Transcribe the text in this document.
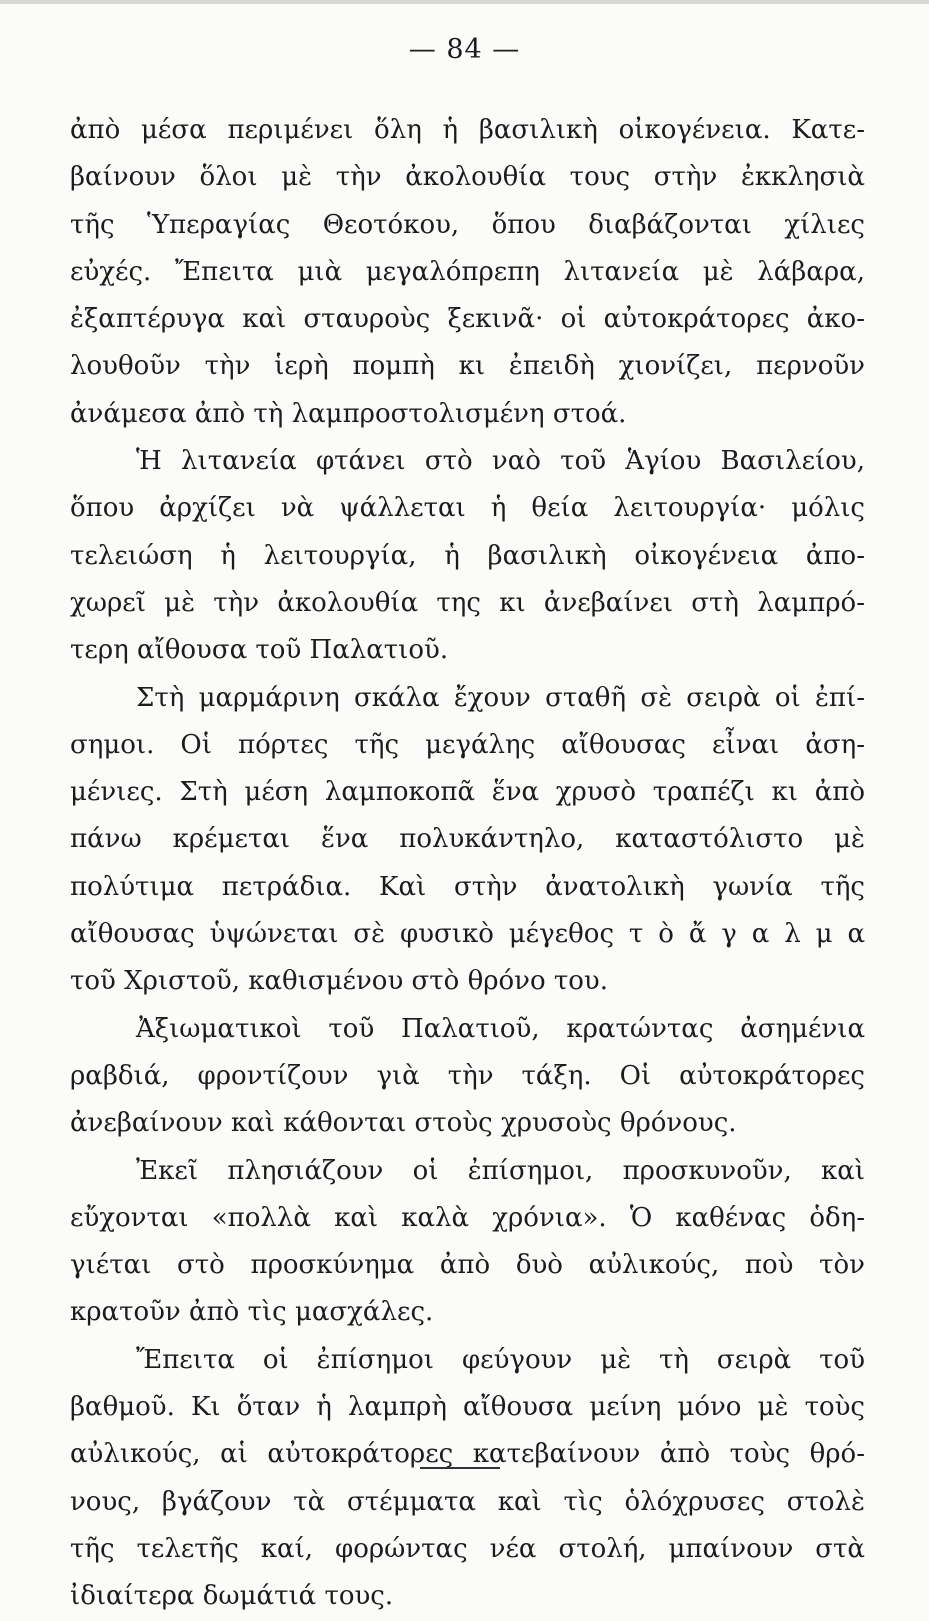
— 84 —
ἀπὸ μέσα περιμένει ὅλη ἡ βασιλικὴ οἰκογένεια. Κατε-
βαίνουν ὅλοι μὲ τὴν ἀκολουθία τους στὴν ἐκκλησιὰ
τῆς Ὑπεραγίας Θεοτόκου, ὅπου διαβάζονται χίλιες
εὐχές. Ἔπειτα μιὰ μεγαλόπρεπη λιτανεία μὲ λάβαρα,
ἐξαπτέρυγα καὶ σταυροὺς ξεκινᾶ· οἱ αὐτοκράτορες ἀκο-
λουθοῦν τὴν ἱερὴ πομπὴ κι ἐπειδὴ χιονίζει, περνοῦν
ἀνάμεσα ἀπὸ τὴ λαμπροστολισμένη στοά.
Ἡ λιτανεία φτάνει στὸ ναὸ τοῦ Ἁγίου Βασιλείου,
ὅπου ἀρχίζει νὰ ψάλλεται ἡ θεία λειτουργία· μόλις
τελειώση ἡ λειτουργία, ἡ βασιλικὴ οἰκογένεια ἀπο-
χωρεῖ μὲ τὴν ἀκολουθία της κι ἀνεβαίνει στὴ λαμπρό-
τερη αἴθουσα τοῦ Παλατιοῦ.
Στὴ μαρμάρινη σκάλα ἔχουν σταθῆ σὲ σειρὰ οἱ ἐπί-
σημοι. Οἱ πόρτες τῆς μεγάλης αἴθουσας εἶναι ἀση-
μένιες. Στὴ μέση λαμποκοπᾶ ἕνα χρυσὸ τραπέζι κι ἀπὸ
πάνω κρέμεται ἕνα πολυκάντηλο, καταστόλιστο μὲ
πολύτιμα πετράδια. Καὶ στὴν ἀνατολικὴ γωνία τῆς
αἴθουσας ὑψώνεται σὲ φυσικὸ μέγεθος τ ὸ ἄ γ α λ μ α
τοῦ Χριστοῦ, καθισμένου στὸ θρόνο του.
Ἀξιωματικοὶ τοῦ Παλατιοῦ, κρατώντας ἀσημένια
ραβδιά, φροντίζουν γιὰ τὴν τάξη. Οἱ αὐτοκράτορες
ἀνεβαίνουν καὶ κάθονται στοὺς χρυσοὺς θρόνους.
Ἐκεῖ πλησιάζουν οἱ ἐπίσημοι, προσκυνοῦν, καὶ
εὔχονται «πολλὰ καὶ καλὰ χρόνια». Ὁ καθένας ὁδη-
γιέται στὸ προσκύνημα ἀπὸ δυὸ αὐλικούς, ποὺ τὸν
κρατοῦν ἀπὸ τὶς μασχάλες.
Ἔπειτα οἱ ἐπίσημοι φεύγουν μὲ τὴ σειρὰ τοῦ
βαθμοῦ. Κι ὅταν ἡ λαμπρὴ αἴθουσα μείνη μόνο μὲ τοὺς
αὐλικούς, αἱ αὐτοκράτορες κατεβαίνουν ἀπὸ τοὺς θρό-
νους, βγάζουν τὰ στέμματα καὶ τὶς ὁλόχρυσες στολὲ
τῆς τελετῆς καί, φορώντας νέα στολή, μπαίνουν στὰ
ἰδιαίτερα δωμάτιά τους.
